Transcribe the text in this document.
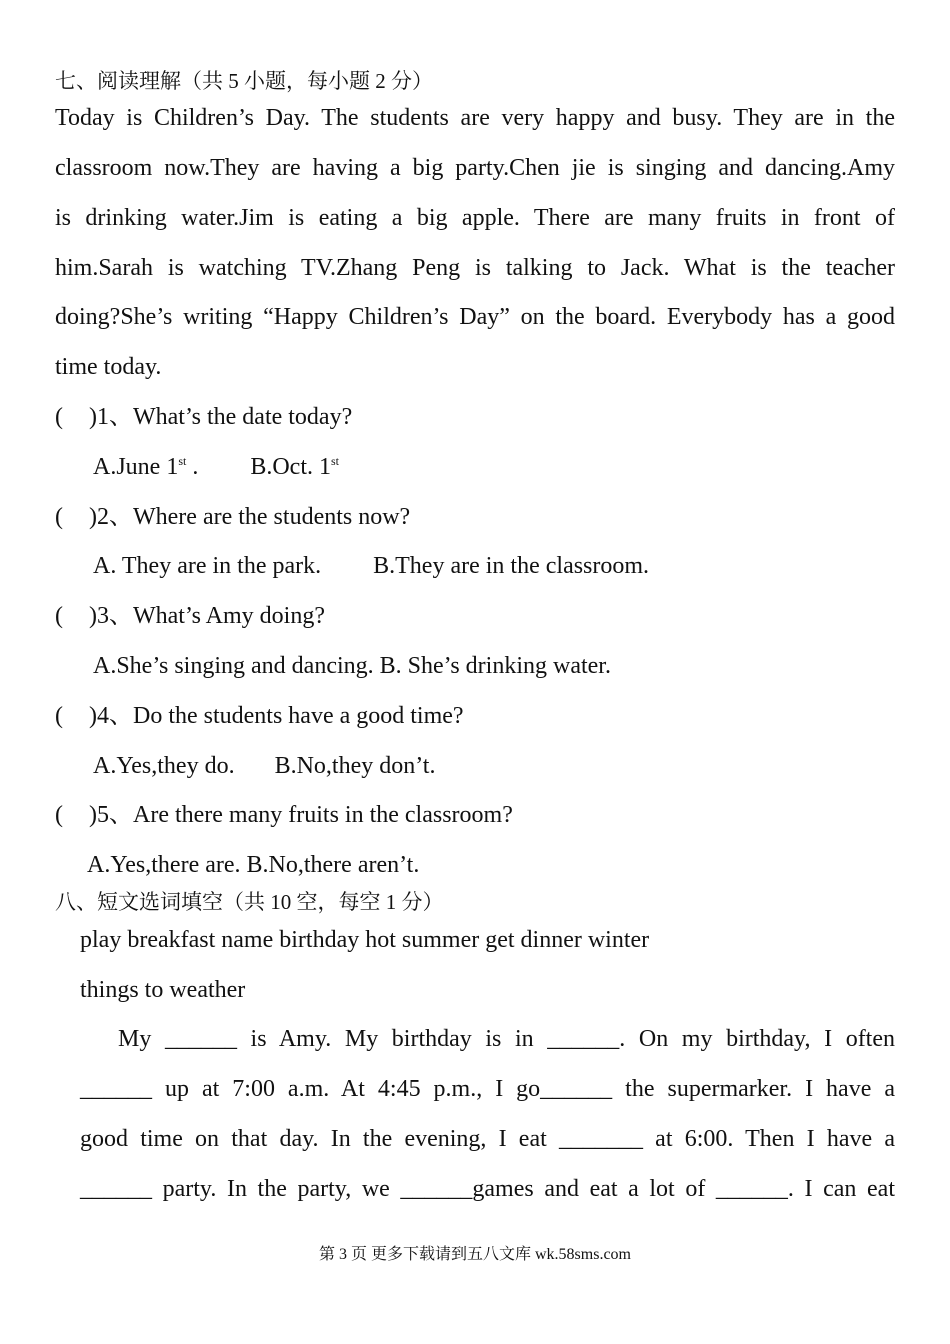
七、阅读理解（共 5 小题，每小题 2 分）
Today is Children’s Day. The students are very happy and busy. They are in the
classroom now.They are having a big party.Chen jie is singing and dancing.Amy
is drinking water.Jim is eating a big apple. There are many fruits in front of
him.Sarah is watching TV.Zhang Peng is talking to Jack. What is the teacher
doing?She’s writing “Happy Children’s Day” on the board. Everybody has a good
time today.
( )1、What’s the date today?
A.June 1st . B.Oct. 1st
( )2、Where are the students now?
A. They are in the park. B.They are in the classroom.
( )3、What’s Amy doing?
A.She’s singing and dancing. B. She’s drinking water.
( )4、Do the students have a good time?
A.Yes,they do. B.No,they don’t.
( )5、Are there many fruits in the classroom?
A.Yes,there are. B.No,there aren’t.
八、短文选词填空（共 10 空，每空 1 分）
play breakfast name birthday hot summer get dinner winter
things to weather
My ______ is Amy. My birthday is in ______. On my birthday, I often
______ up at 7:00 a.m. At 4:45 p.m., I go______ the supermarker. I have a
good time on that day. In the evening, I eat _______ at 6:00. Then I have a
______ party. In the party, we ______games and eat a lot of ______. I can eat
第 3 页 更多下载请到五八文库 wk.58sms.com
